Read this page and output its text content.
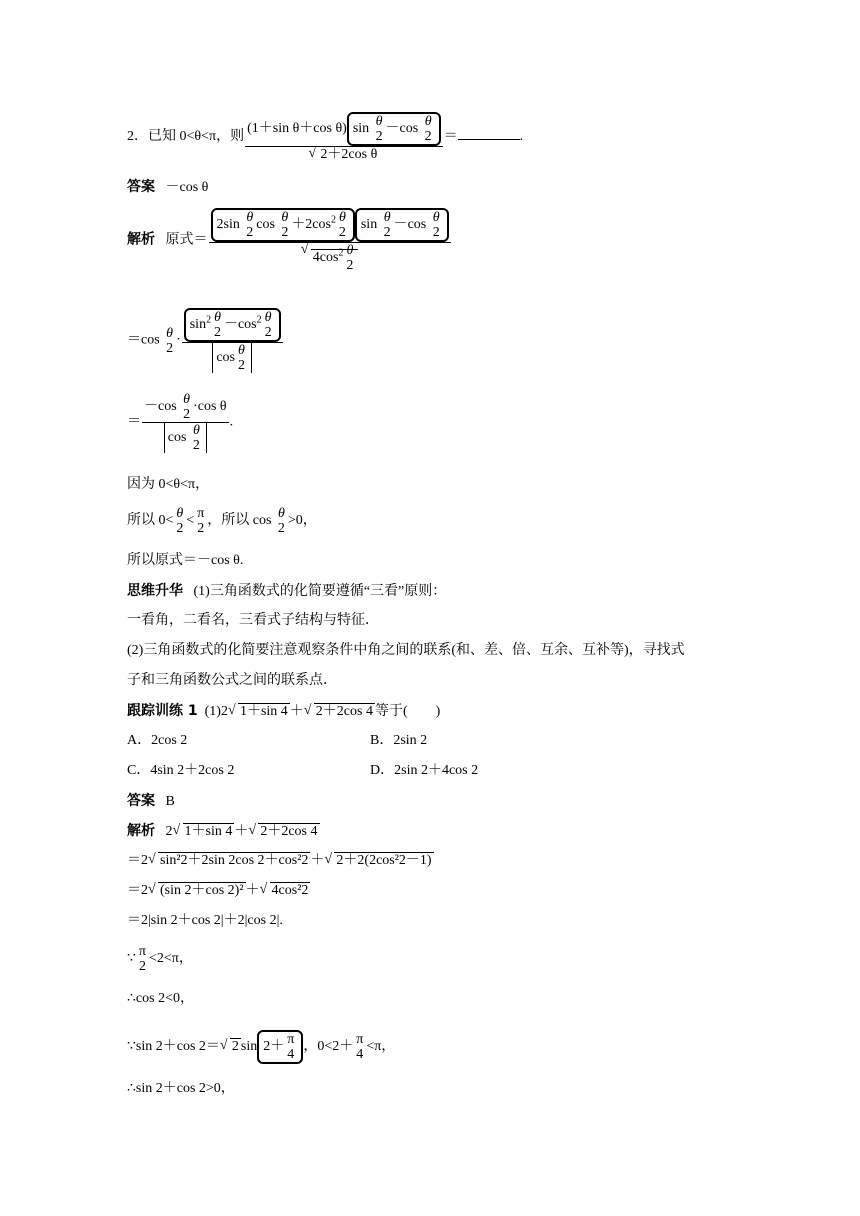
2．已知 0<θ<π，则 (1＋sin θ＋cos θ) sin θ
2
－cos θ
2
√ 2＋2cos θ ＝	.
答案 －cos θ
解析 原式＝ 2sin θ
2
cos θ
2
$+2\cos^2$ θ
2
sin θ
2
－cos θ
2
√ $4\cos^2$ θ
2
＝cos θ
2
· $\sin^2 \theta$
2
$-\cos^2$ θ
2
cos θ
2
＝ －cos θ
2
·cos θ
cos θ
2 .
因为 0<θ<π，
所以 0< θ
2
< π
2
，所以 cos θ
2
>0，
所以原式＝－cos θ.
思维升华 (1)三角函数式的化简要遵循“三看”原则：
一看角，二看名，三看式子结构与特征．
(2)三角函数式的化简要注意观察条件中角之间的联系(和、差、倍、互余、互补等)，寻找式
子和三角函数公式之间的联系点．
跟踪训练 1 (1)2 √ 1＋sin 4 ＋ √ 2＋2cos 4 等于(　　)
A．2cos 2	B．2sin 2
C．4sin 2＋2cos 2	D．2sin 2＋4cos 2
答案 B
解析 2 √ 1＋sin 4 ＋ √ 2＋2cos 4
＝2 √ sin²2＋2sin 2cos 2＋cos²2 ＋ √ 2＋2(2cos²2－1)
＝2 √ (sin 2＋cos 2)² ＋ √ 4cos²2
＝2|sin 2＋cos 2|＋2|cos 2|.
∵ π
2
<2<π，
∴cos 2<0，
∵sin 2＋cos 2＝ √ 2 sin 2＋ π
4
，0<2＋ π
4
<π，
∴sin 2＋cos 2>0，
